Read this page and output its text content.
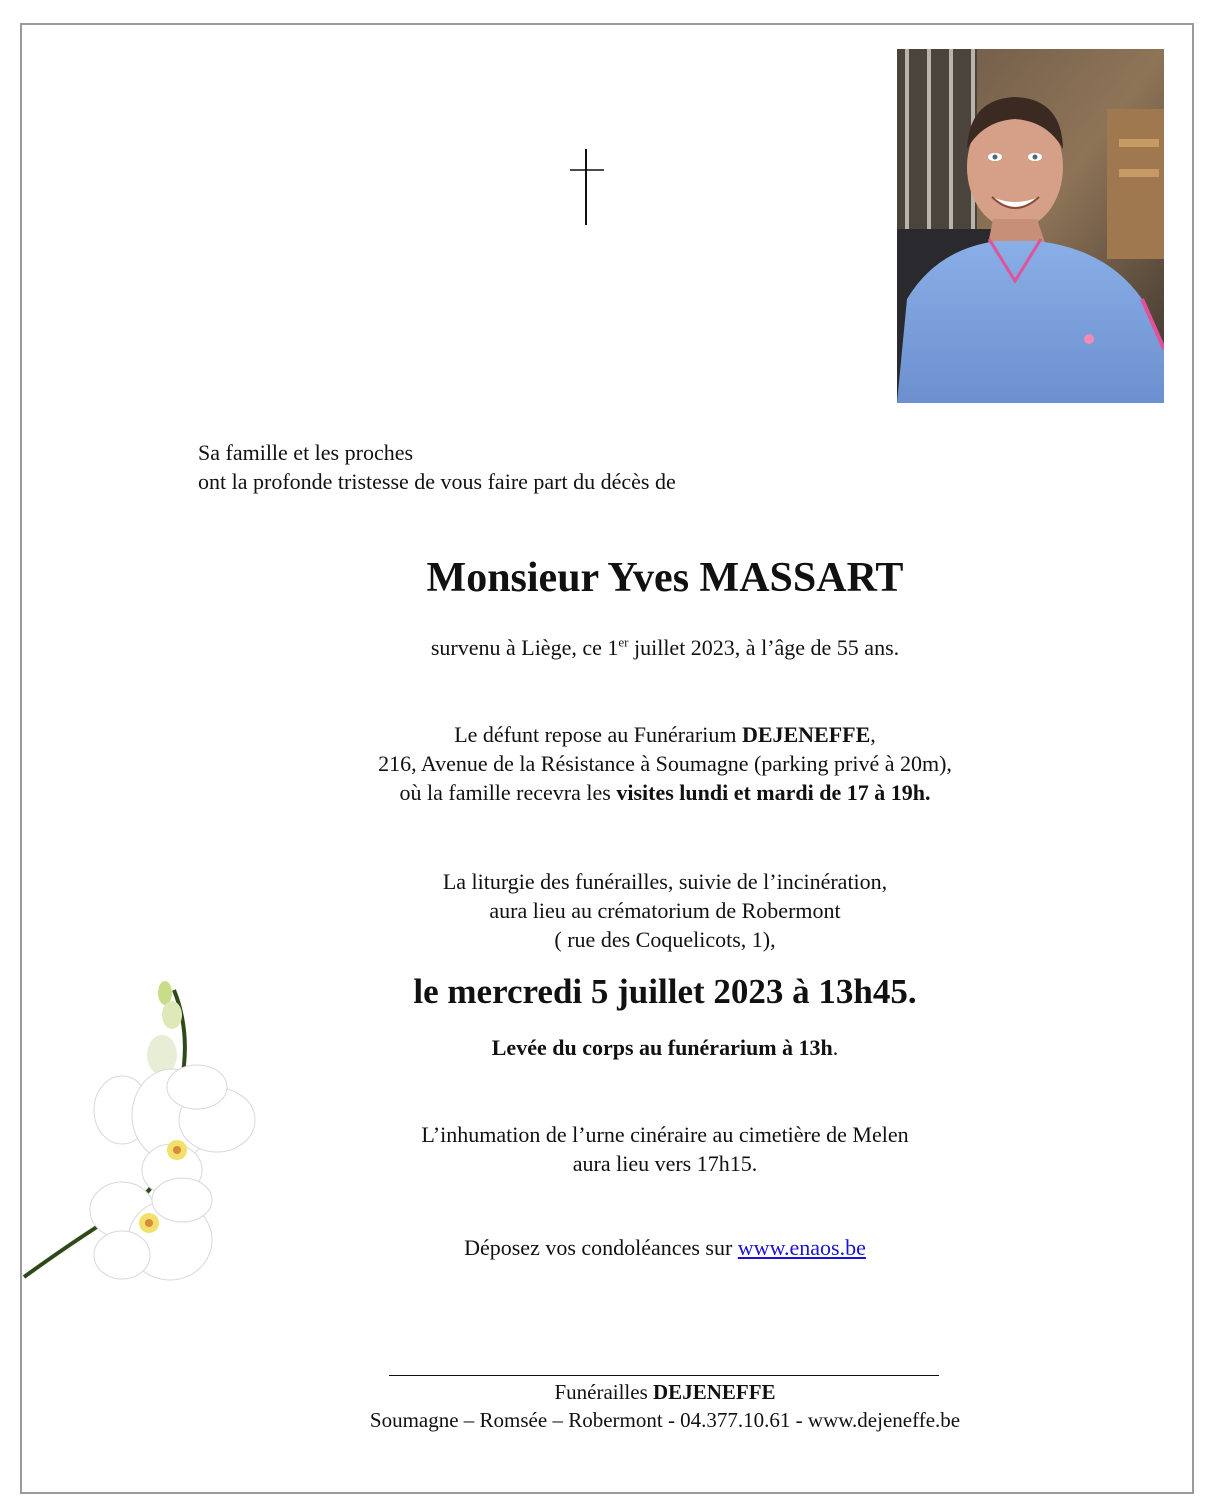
Sa famille et les proches
ont la profonde tristesse de vous faire part du décès de
Monsieur Yves MASSART
survenu à Liège, ce 1er juillet 2023, à l’âge de 55 ans.
Le défunt repose au Funérarium DEJENEFFE,
216, Avenue de la Résistance à Soumagne (parking privé à 20m),
où la famille recevra les visites lundi et mardi de 17 à 19h.
La liturgie des funérailles, suivie de l’incinération,
aura lieu au crématorium de Robermont
( rue des Coquelicots, 1),
le mercredi 5 juillet 2023 à 13h45.
Levée du corps au funérarium à 13h.
L’inhumation de l’urne cinéraire au cimetière de Melen
aura lieu vers 17h15.
Déposez vos condoléances sur www.enaos.be
Funérailles DEJENEFFE
Soumagne – Romsée – Robermont - 04.377.10.61 - www.dejeneffe.be
